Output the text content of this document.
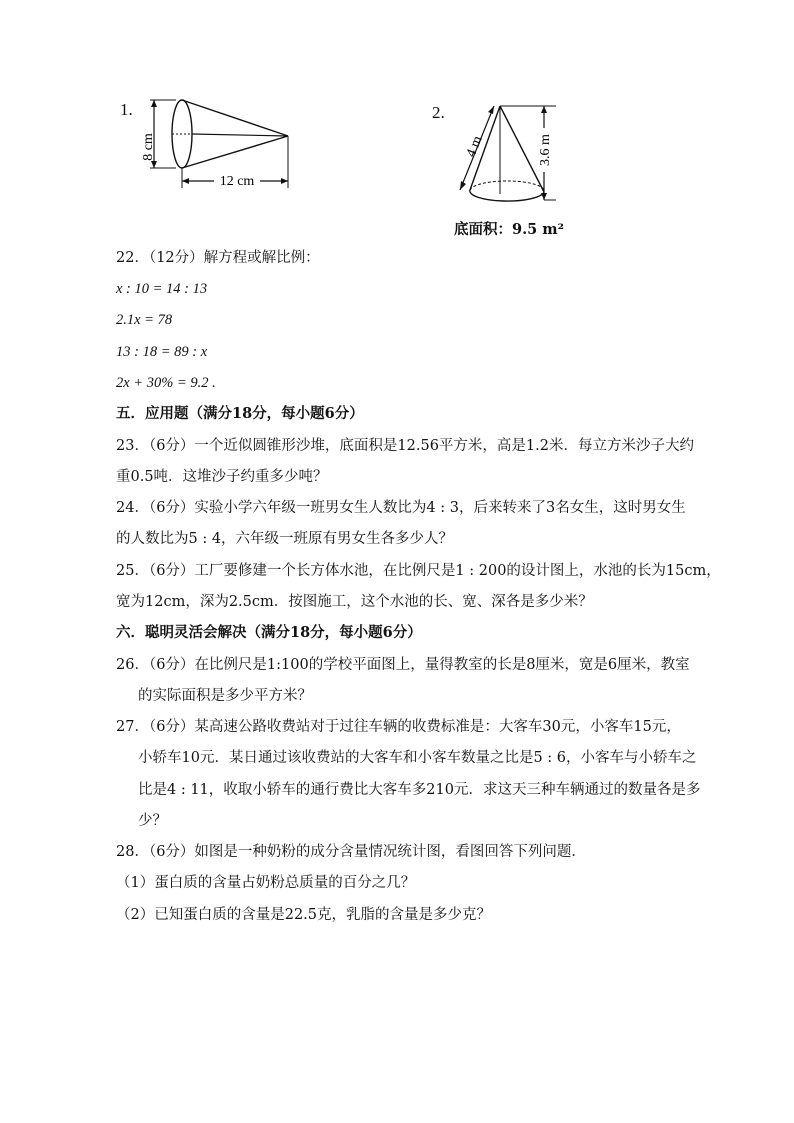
1.
12 cm
8 cm
2.
3.6 m
4 m
底面积：9.5 m²
22．（12分）解方程或解比例：
x : 10 = 14 : 13
2.1x = 78
13 : 18 = 89 : x
2x + 30% = 9.2 .
五．应用题（满分18分，每小题6分）
23．（6分）一个近似圆锥形沙堆，底面积是12.56平方米，高是1.2米．每立方米沙子大约
重0.5吨．这堆沙子约重多少吨？
24．（6分）实验小学六年级一班男女生人数比为4 : 3，后来转来了3名女生，这时男女生
的人数比为5 : 4，六年级一班原有男女生各多少人？
25．（6分）工厂要修建一个长方体水池，在比例尺是1 : 200的设计图上，水池的长为15cm，
宽为12cm，深为2.5cm．按图施工，这个水池的长、宽、深各是多少米？
六．聪明灵活会解决（满分18分，每小题6分）
26．（6分）在比例尺是1:100的学校平面图上，量得教室的长是8厘米，宽是6厘米，教室
的实际面积是多少平方米？
27．（6分）某高速公路收费站对于过往车辆的收费标准是：大客车30元，小客车15元，
小轿车10元．某日通过该收费站的大客车和小客车数量之比是5 : 6，小客车与小轿车之
比是4 : 11，收取小轿车的通行费比大客车多210元．求这天三种车辆通过的数量各是多
少？
28．（6分）如图是一种奶粉的成分含量情况统计图，看图回答下列问题．
（1）蛋白质的含量占奶粉总质量的百分之几？
（2）已知蛋白质的含量是22.5克，乳脂的含量是多少克？
